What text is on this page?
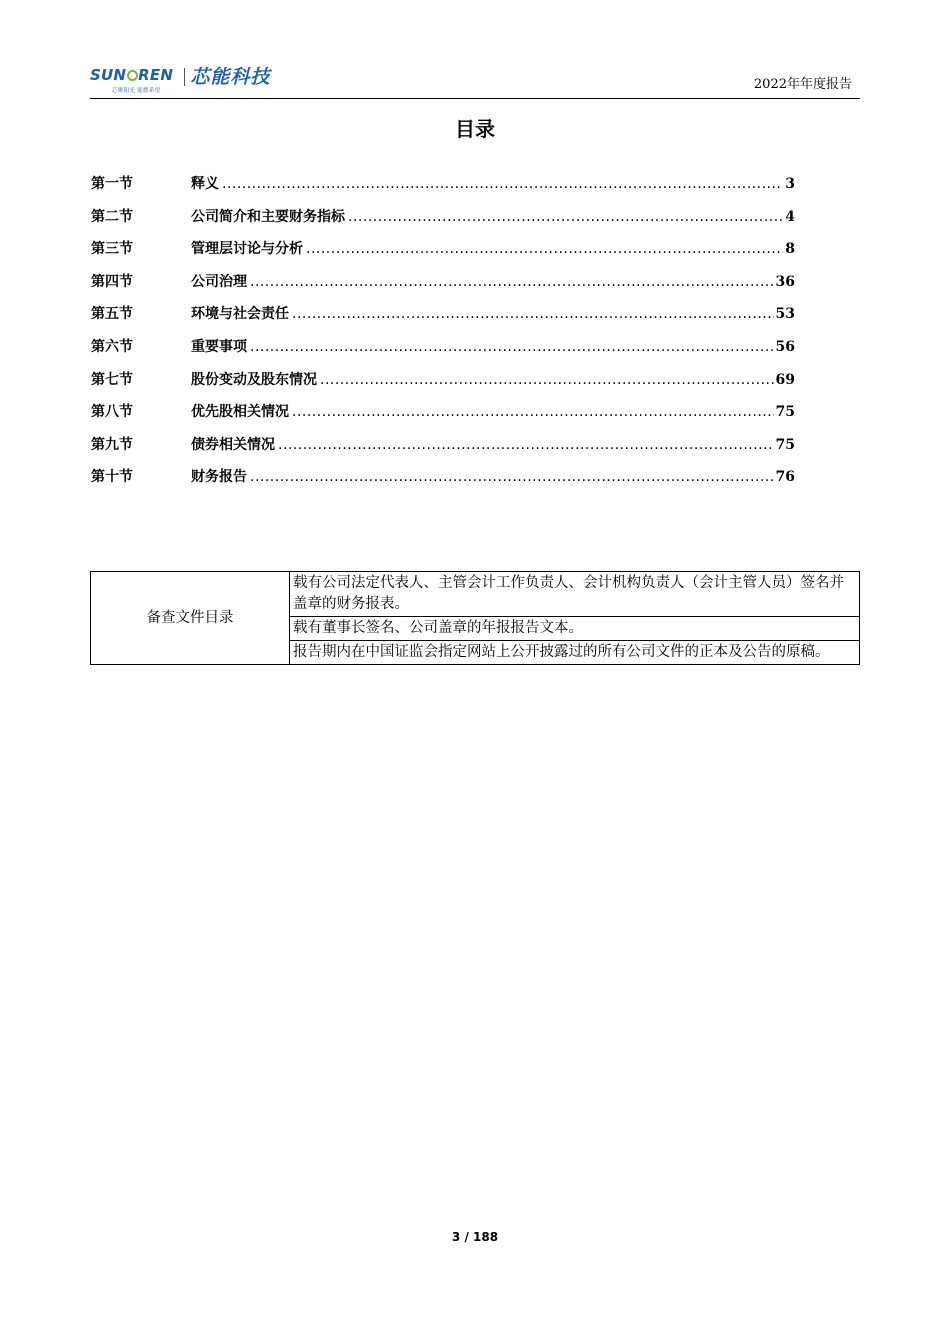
SUN REN
芯聚阳光 能燃希望
芯能科技	2022年年度报告
目录
第一节	释义 .....	3
第二节	公司简介和主要财务指标 .....	4
第三节	管理层讨论与分析 .....	8
第四节	公司治理 .....	36
第五节	环境与社会责任 .....	53
第六节	重要事项 .....	56
第七节	股份变动及股东情况 .....	69
第八节	优先股相关情况 .....	75
第九节	债券相关情况 .....	75
第十节	财务报告 .....	76
备查文件目录	载有公司法定代表人、主管会计工作负责人、会计机构负责人（会计主管人员）签名并盖章的财务报表。
载有董事长签名、公司盖章的年报报告文本。
报告期内在中国证监会指定网站上公开披露过的所有公司文件的正本及公告的原稿。
3 / 188
